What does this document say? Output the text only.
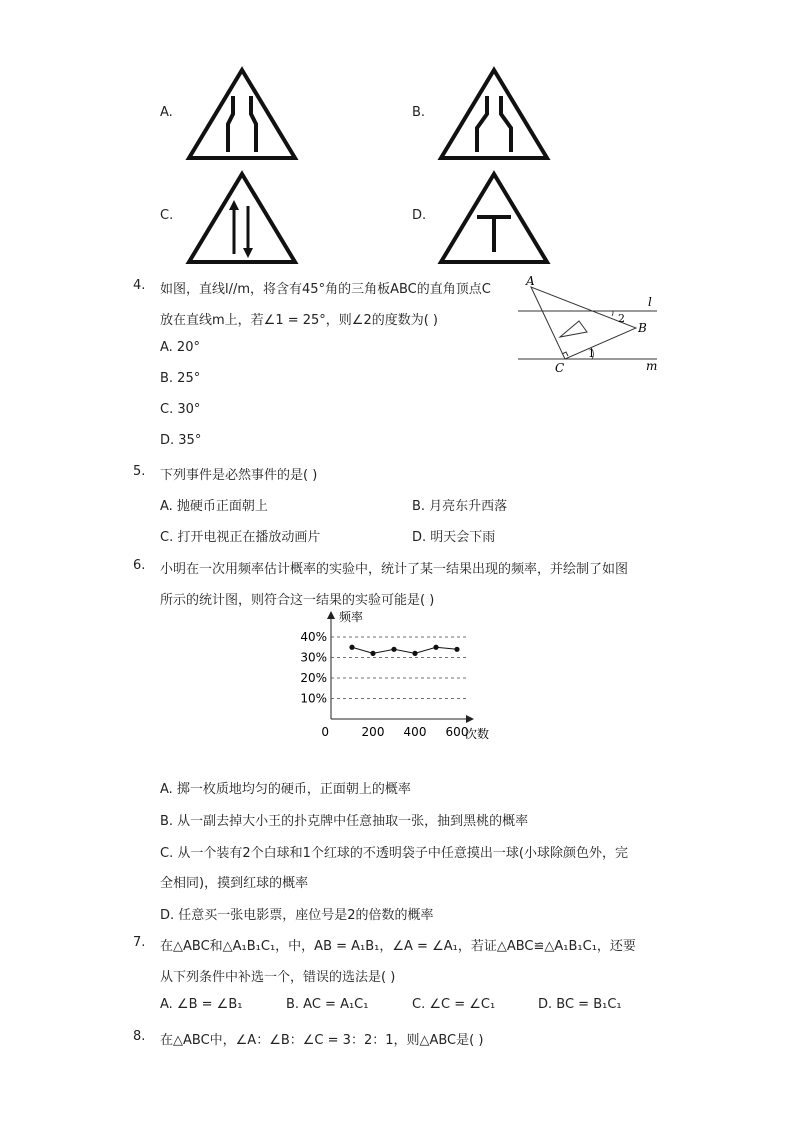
A.	B.
C.	D.
4. 如图，直线l//m，将含有45°角的三角板ABC的直角顶点C
放在直线m上，若∠1 = 25°，则∠2的度数为( )
A. 20°
B. 25°
C. 30°
D. 35°
A
B
C
l
m
1
2
5. 下列事件是必然事件的是( )
A. 抛硬币正面朝上	B. 月亮东升西落
C. 打开电视正在播放动画片	D. 明天会下雨
6. 小明在一次用频率估计概率的实验中，统计了某一结果出现的频率，并绘制了如图
所示的统计图，则符合这一结果的实验可能是( )
10%
20%
30%
40%
0	200 400 600
频率
次数
A. 掷一枚质地均匀的硬币，正面朝上的概率
B. 从一副去掉大小王的扑克牌中任意抽取一张，抽到黑桃的概率
C. 从一个装有2个白球和1个红球的不透明袋子中任意摸出一球(小球除颜色外，完
全相同)，摸到红球的概率
D. 任意买一张电影票，座位号是2的倍数的概率
7. 在△ABC和△A₁B₁C₁，中，AB = A₁B₁，∠A = ∠A₁，若证△ABC≌△A₁B₁C₁，还要
从下列条件中补选一个，错误的选法是( )
A. ∠B = ∠B₁	B. AC = A₁C₁	C. ∠C = ∠C₁	D. BC = B₁C₁
8. 在△ABC中，∠A：∠B：∠C = 3：2：1，则△ABC是( )
